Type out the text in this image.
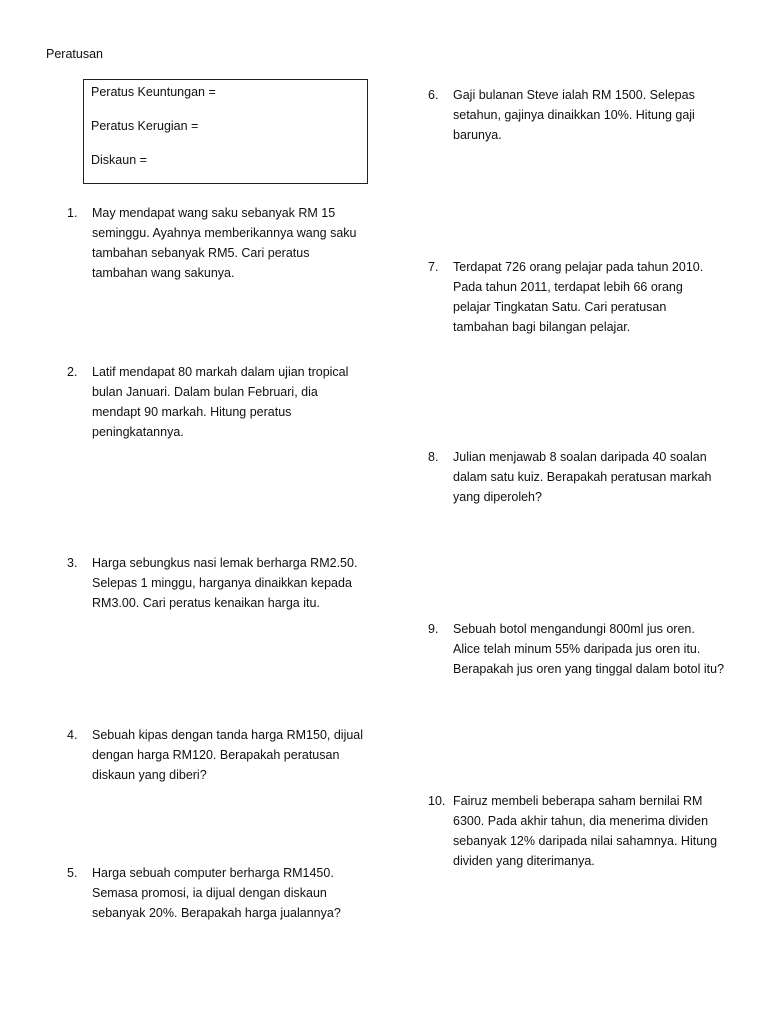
Peratusan
Peratus Keuntungan =
Peratus Kerugian =
Diskaun =
1.	May mendapat wang saku sebanyak RM 15
seminggu. Ayahnya memberikannya wang saku
tambahan sebanyak RM5. Cari peratus
tambahan wang sakunya.
2.	Latif mendapat 80 markah dalam ujian tropical
bulan Januari. Dalam bulan Februari, dia
mendapt 90 markah. Hitung peratus
peningkatannya.
3.	Harga sebungkus nasi lemak berharga RM2.50.
Selepas 1 minggu, harganya dinaikkan kepada
RM3.00. Cari peratus kenaikan harga itu.
4.	Sebuah kipas dengan tanda harga RM150, dijual
dengan harga RM120. Berapakah peratusan
diskaun yang diberi?
5.	Harga sebuah computer berharga RM1450.
Semasa promosi, ia dijual dengan diskaun
sebanyak 20%. Berapakah harga jualannya?
6.	Gaji bulanan Steve ialah RM 1500. Selepas
setahun, gajinya dinaikkan 10%. Hitung gaji
barunya.
7.	Terdapat 726 orang pelajar pada tahun 2010.
Pada tahun 2011, terdapat lebih 66 orang
pelajar Tingkatan Satu. Cari peratusan
tambahan bagi bilangan pelajar.
8.	Julian menjawab 8 soalan daripada 40 soalan
dalam satu kuiz. Berapakah peratusan markah
yang diperoleh?
9.	Sebuah botol mengandungi 800ml jus oren.
Alice telah minum 55% daripada jus oren itu.
Berapakah jus oren yang tinggal dalam botol itu?
10. Fairuz membeli beberapa saham bernilai RM
6300. Pada akhir tahun, dia menerima dividen
sebanyak 12% daripada nilai sahamnya. Hitung
dividen yang diterimanya.
